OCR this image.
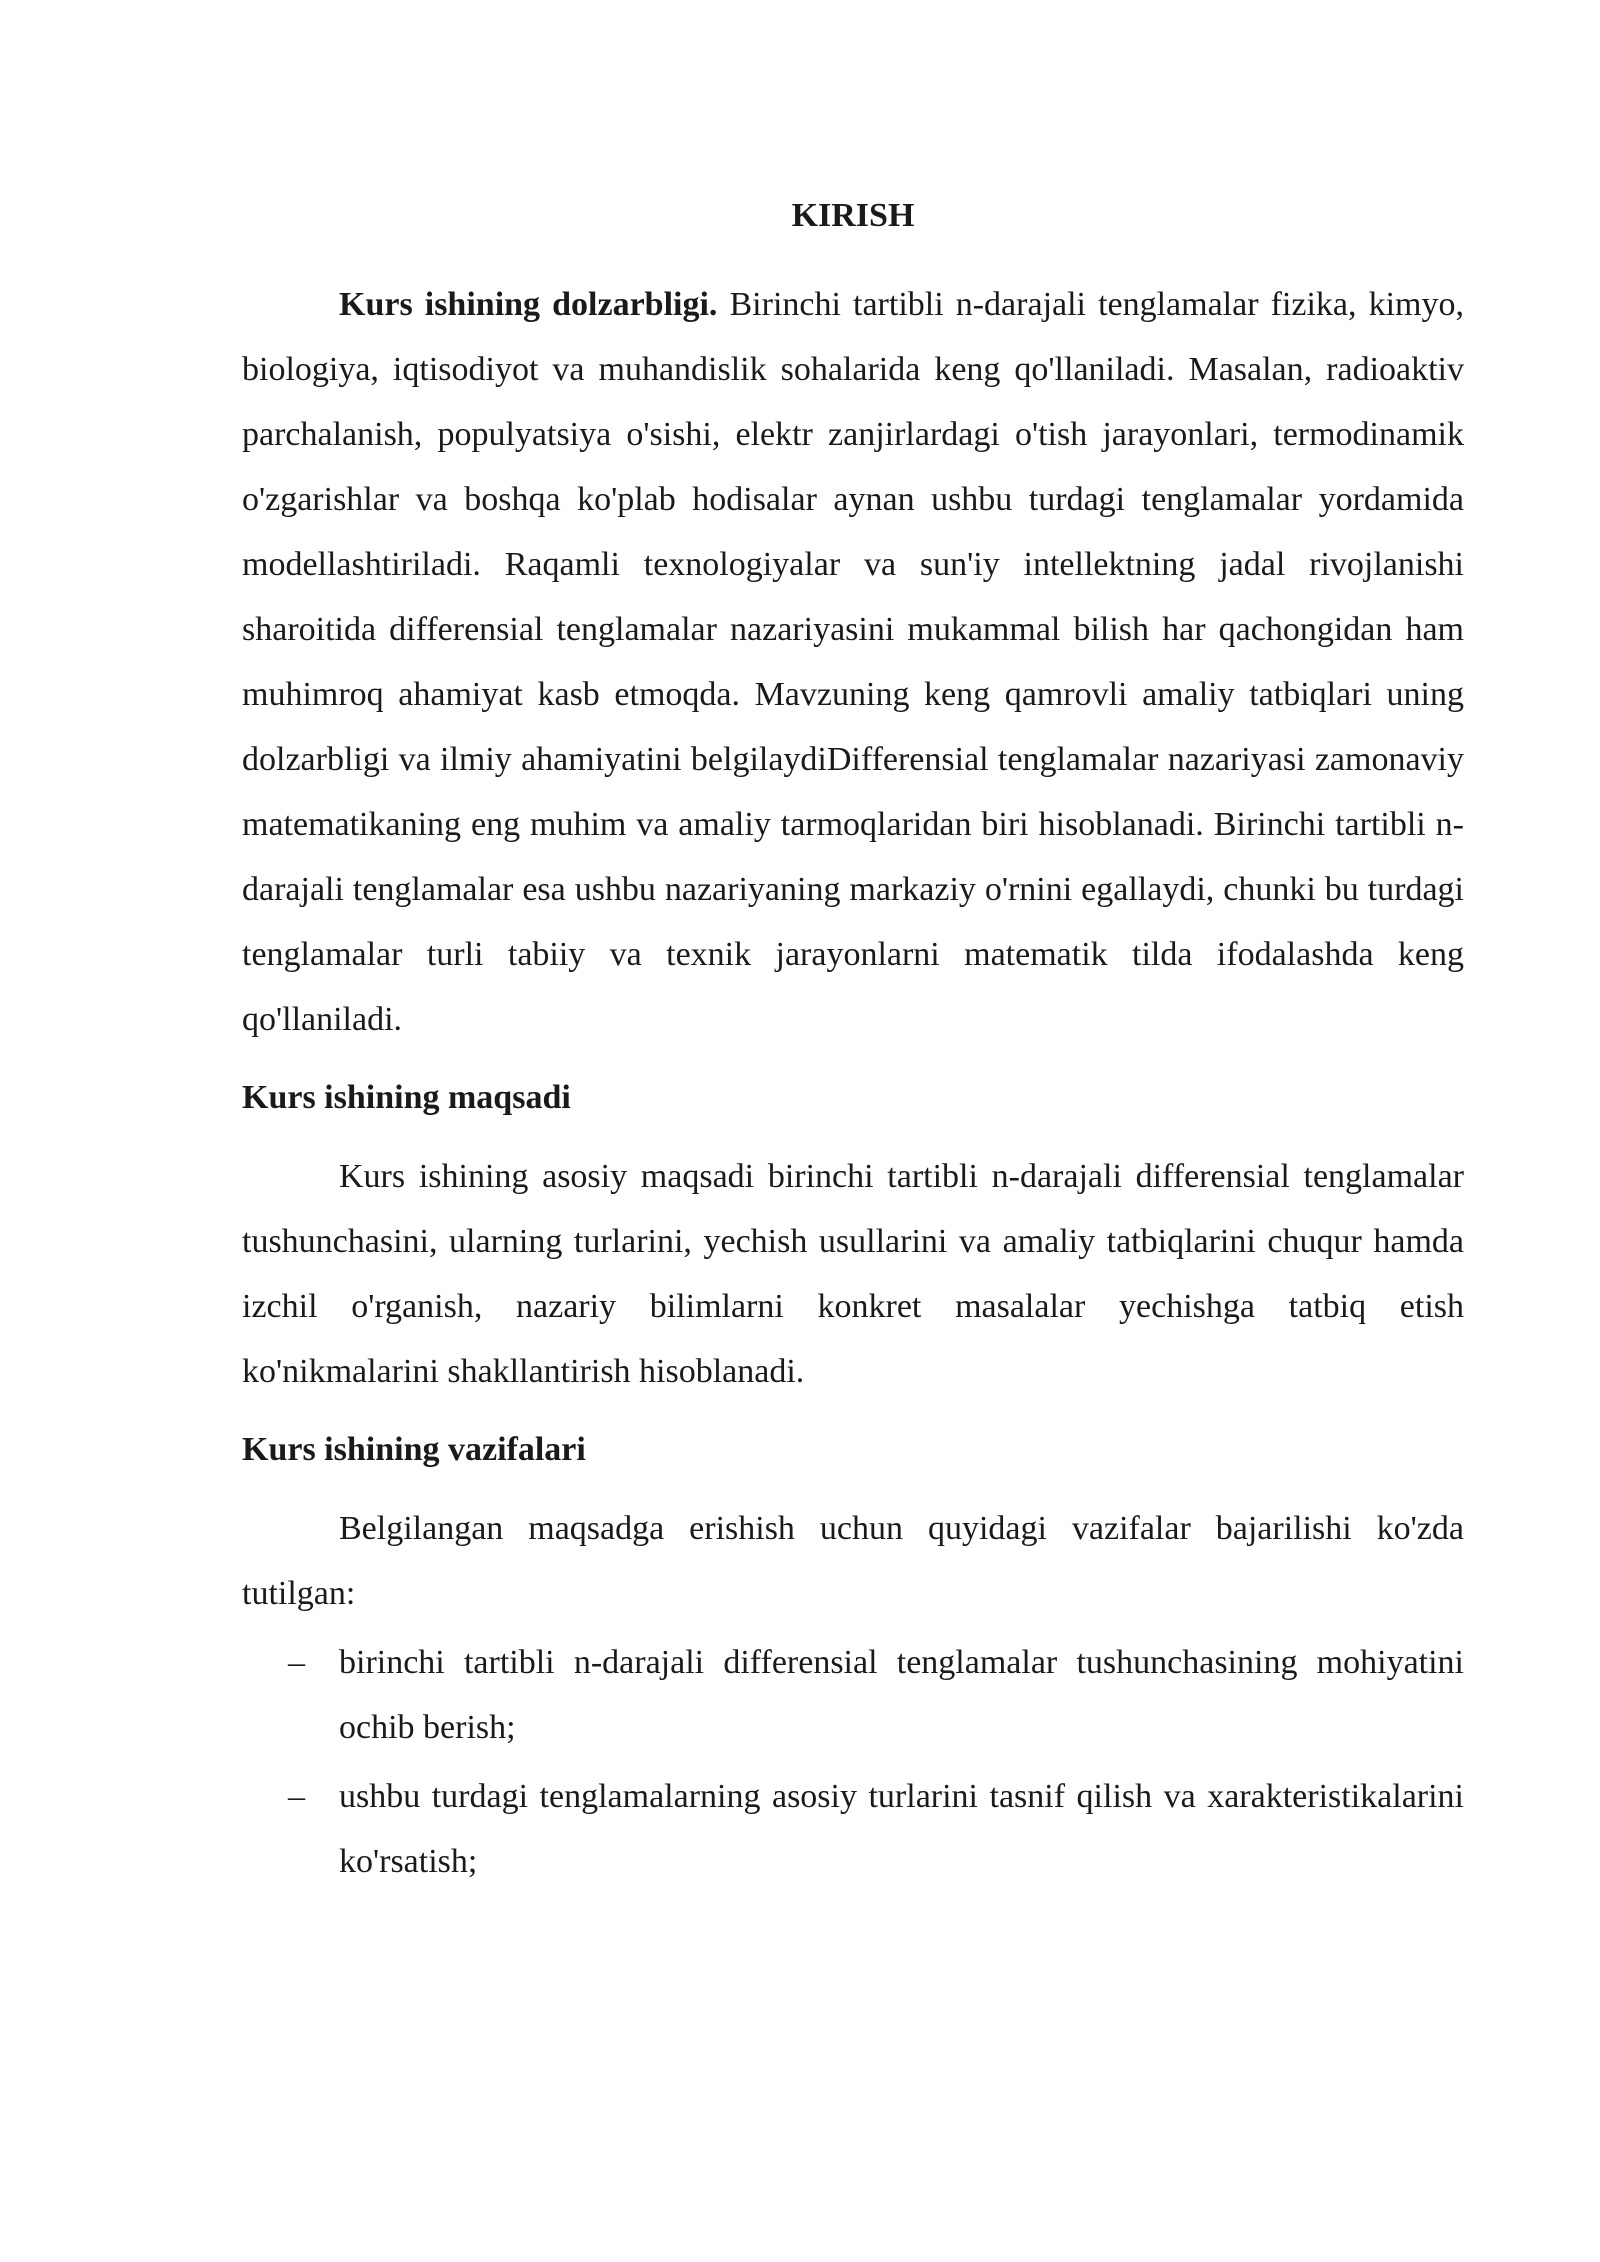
KIRISH

Kurs ishining dolzarbligi. Birinchi tartibli n-darajali tenglamalar fizika, kimyo, biologiya, iqtisodiyot va muhandislik sohalarida keng qo'llaniladi. Masalan, radioaktiv parchalanish, populyatsiya o'sishi, elektr zanjirlardagi o'tish jarayonlari, termodinamik o'zgarishlar va boshqa ko'plab hodisalar aynan ushbu turdagi tenglamalar yordamida modellashtiriladi. Raqamli texnologiyalar va sun'iy intellektning jadal rivojlanishi sharoitida differensial tenglamalar nazariyasini mukammal bilish har qachongidan ham muhimroq ahamiyat kasb etmoqda. Mavzuning keng qamrovli amaliy tatbiqlari uning dolzarbligi va ilmiy ahamiyatini belgilaydiDifferensial tenglamalar nazariyasi zamonaviy matematikaning eng muhim va amaliy tarmoqlaridan biri hisoblanadi. Birinchi tartibli n-darajali tenglamalar esa ushbu nazariyaning markaziy o'rnini egallaydi, chunki bu turdagi tenglamalar turli tabiiy va texnik jarayonlarni matematik tilda ifodalashda keng qo'llaniladi.

Kurs ishining maqsadi

Kurs ishining asosiy maqsadi birinchi tartibli n-darajali differensial tenglamalar tushunchasini, ularning turlarini, yechish usullarini va amaliy tatbiqlarini chuqur hamda izchil o'rganish, nazariy bilimlarni konkret masalalar yechishga tatbiq etish ko'nikmalarini shakllantirish hisoblanadi.

Kurs ishining vazifalari

Belgilangan maqsadga erishish uchun quyidagi vazifalar bajarilishi ko'zda tutilgan:

– birinchi tartibli n-darajali differensial tenglamalar tushunchasining mohiyatini ochib berish;
– ushbu turdagi tenglamalarning asosiy turlarini tasnif qilish va xarakteristikalarini ko'rsatish;
